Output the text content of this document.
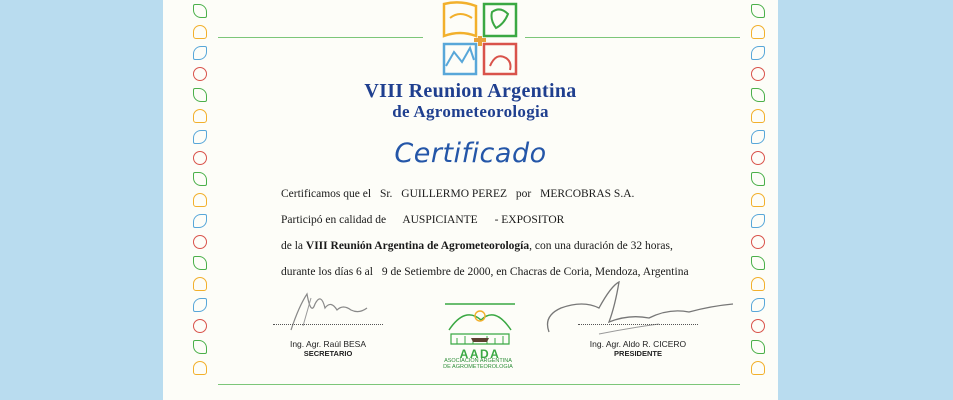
VIII Reunion Argentina
de Agrometeorologia
Certificado
Certificamos que el Sr. GUILLERMO PEREZ por MERCOBRAS S.A.
Participó en calidad de AUSPICIANTE - EXPOSITOR
de la VIII Reunión Argentina de Agrometeorología, con una duración de 32 horas,
durante los días 6 al 9 de Setiembre de 2000, en Chacras de Coria, Mendoza, Argentina
Ing. Agr. Raúl BESA
SECRETARIO
Ing. Agr. Aldo R. CICERO
PRESIDENTE
AADA
ASOCIACION ARGENTINA
DE AGROMETEOROLOGIA
